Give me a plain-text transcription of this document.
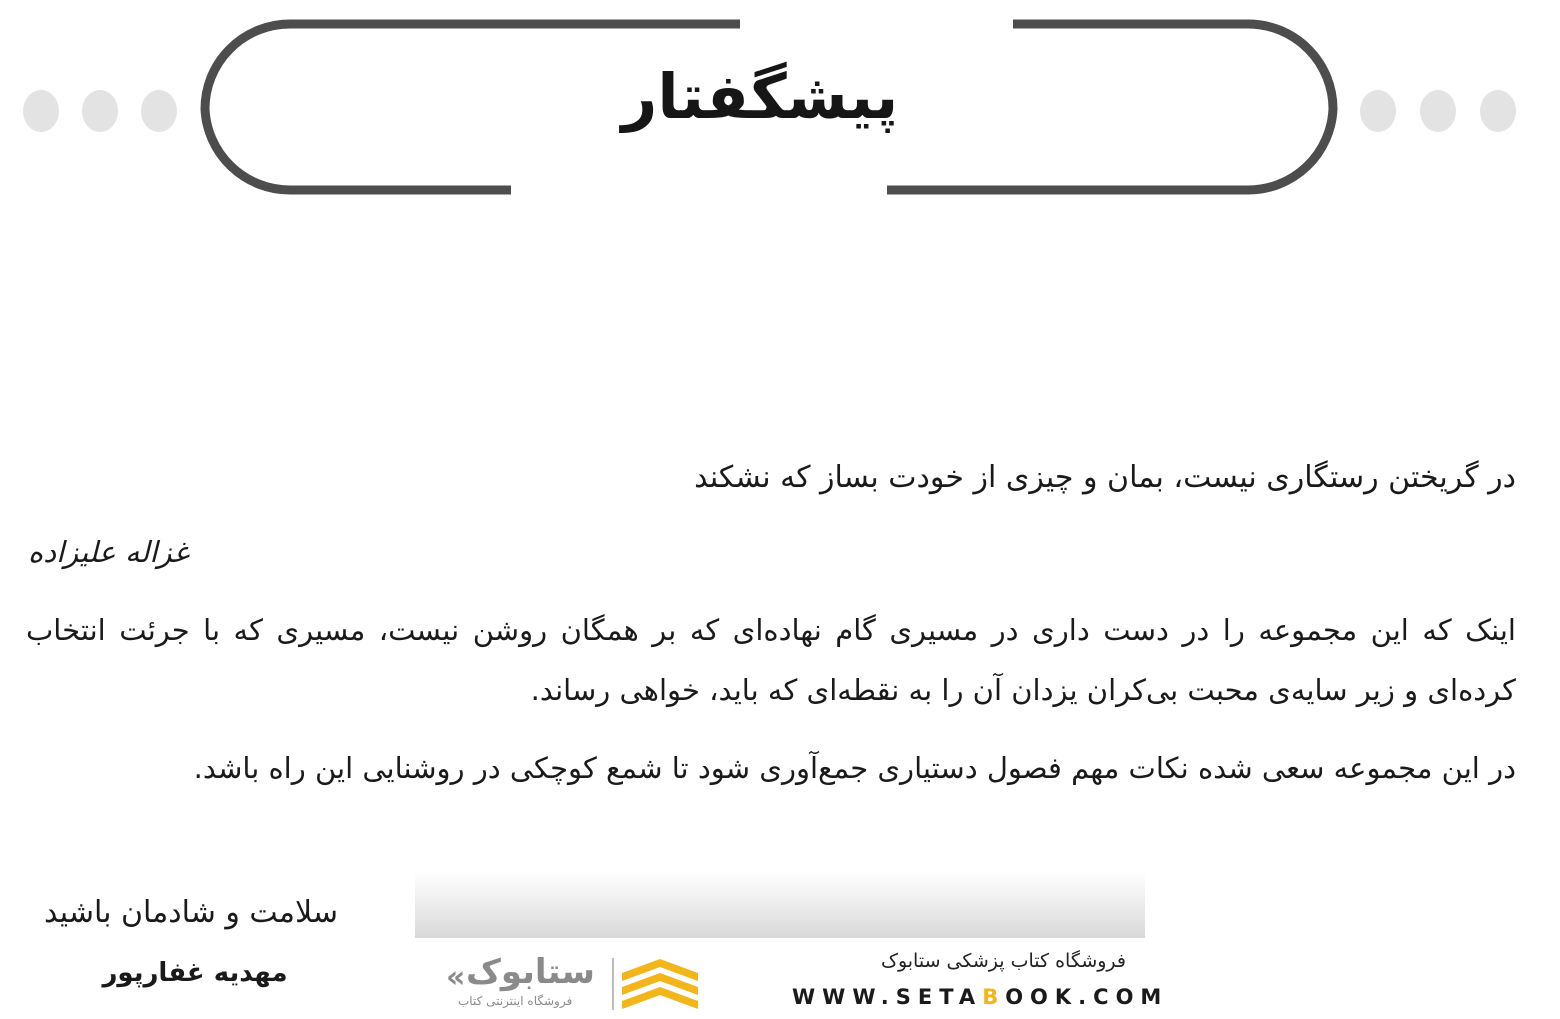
پیشگفتار
در گریختن رستگاری نیست، بمان و چیزی از خودت بساز که نشکند
غزاله علیزاده

اینک که این مجموعه را در دست داری در مسیری گام نهاده‌ای که بر همگان روشن نیست، مسیری که با جرئت انتخاب کرده‌ای و زیر سایه‌ی محبت بی‌کران یزدان آن را به نقطه‌ای که باید، خواهی رساند.

در این مجموعه سعی شده نکات مهم فصول دستیاری جمع‌آوری شود تا شمع کوچکی در روشنایی این راه باشد.

سلامت و شادمان باشید
مهدیه غفارپور	« ستابوک
فروشگاه اینترنتی کتاب
فروشگاه کتاب پزشکی ستابوک
WWW.SETABOOK.COM
